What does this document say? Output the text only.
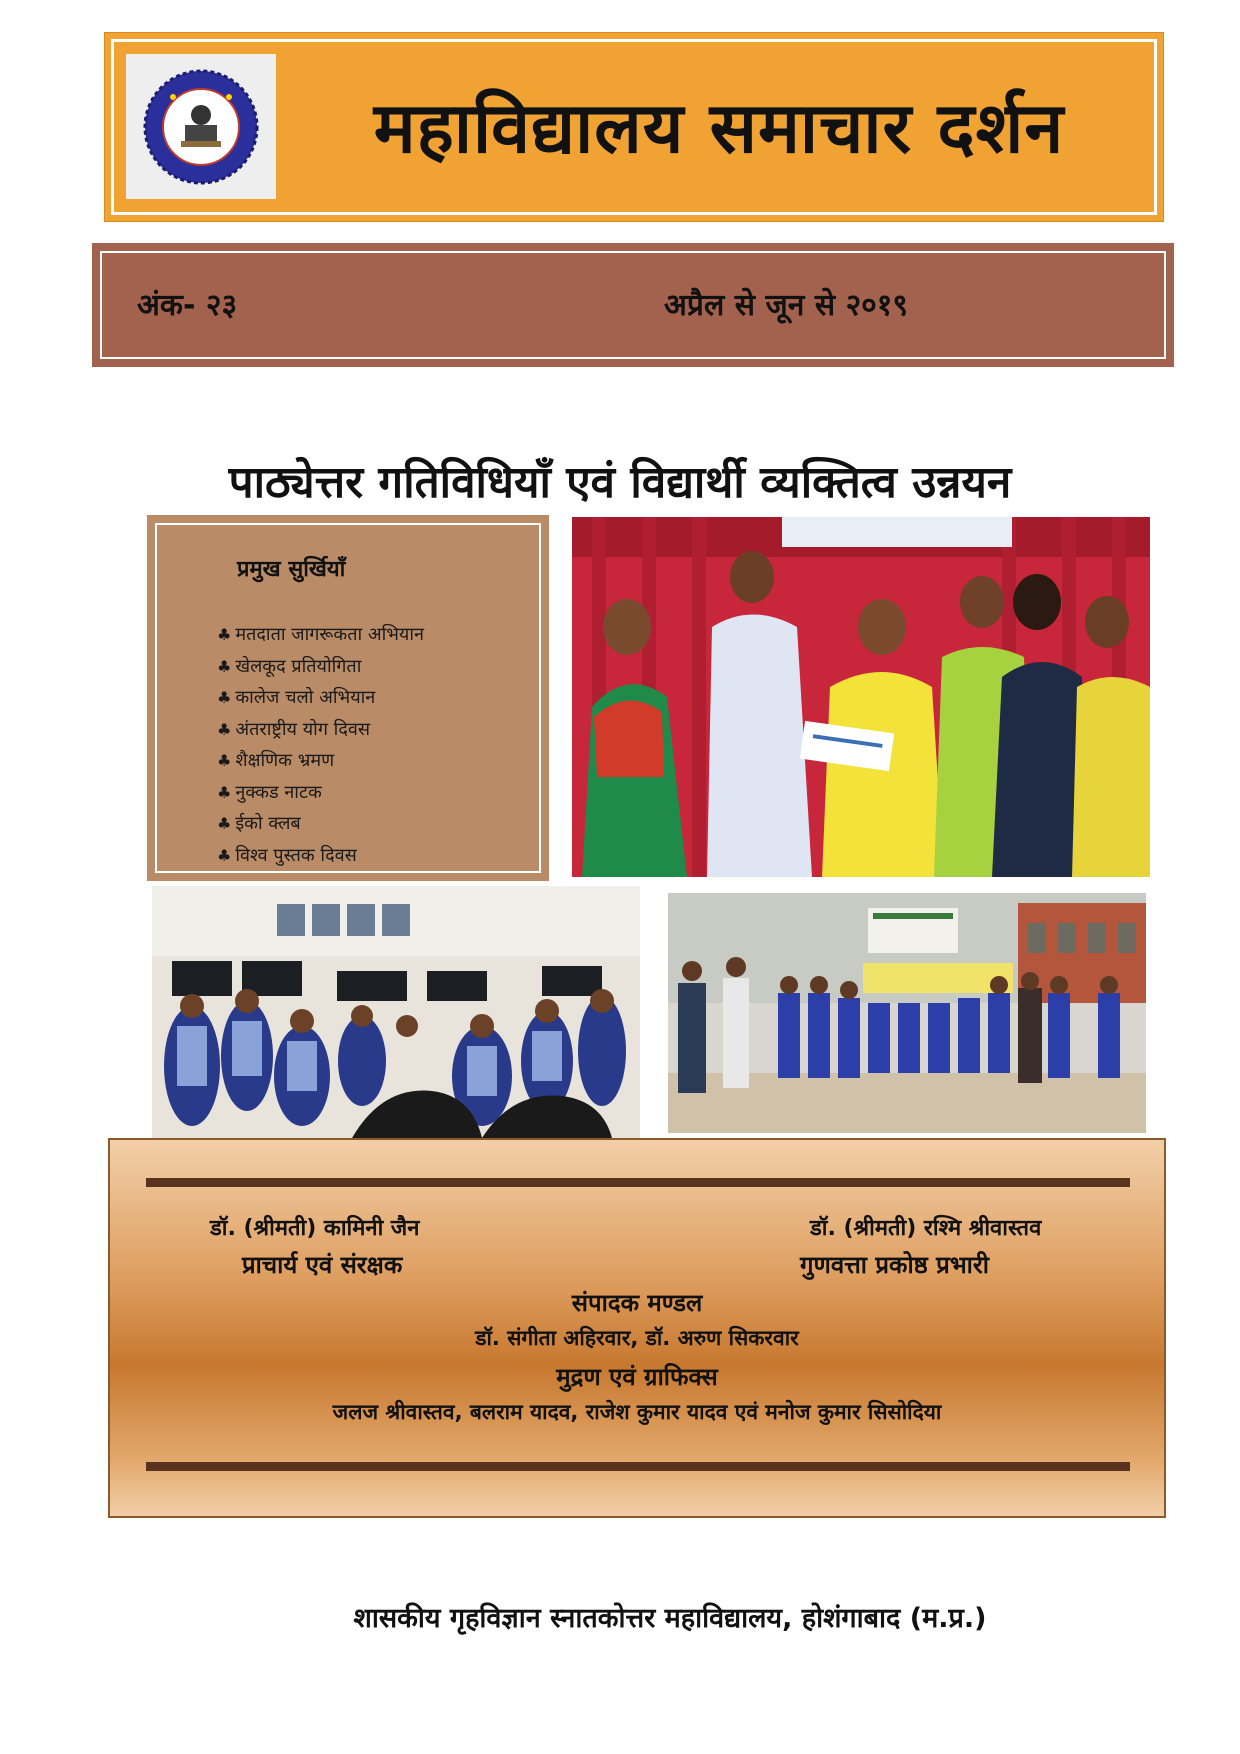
महाविद्यालय समाचार दर्शन
अंक- २३	अप्रैल से जून से २०१९
पाठ्येत्तर गतिविधियाँ एवं विद्यार्थी व्यक्तित्व उन्नयन
प्रमुख सुर्खियाँ
♣ मतदाता जागरूकता अभियान
♣ खेलकूद प्रतियोगिता
♣ कालेज चलो अभियान
♣ अंतराष्ट्रीय योग दिवस
♣ शैक्षणिक भ्रमण
♣ नुक्कड नाटक
♣ ईको क्लब
♣ विश्व पुस्तक दिवस
डॉ. (श्रीमती) कामिनी जैन
प्राचार्य एवं संरक्षक
डॉ. (श्रीमती) रश्मि श्रीवास्तव
गुणवत्ता प्रकोष्ठ प्रभारी
संपादक मण्डल
डॉ. संगीता अहिरवार, डॉ. अरुण सिकरवार
मुद्रण एवं ग्राफिक्स
जलज श्रीवास्तव, बलराम यादव, राजेश कुमार यादव एवं मनोज कुमार सिसोदिया
शासकीय गृहविज्ञान स्नातकोत्तर महाविद्यालय, होशंगाबाद (म.प्र.)
